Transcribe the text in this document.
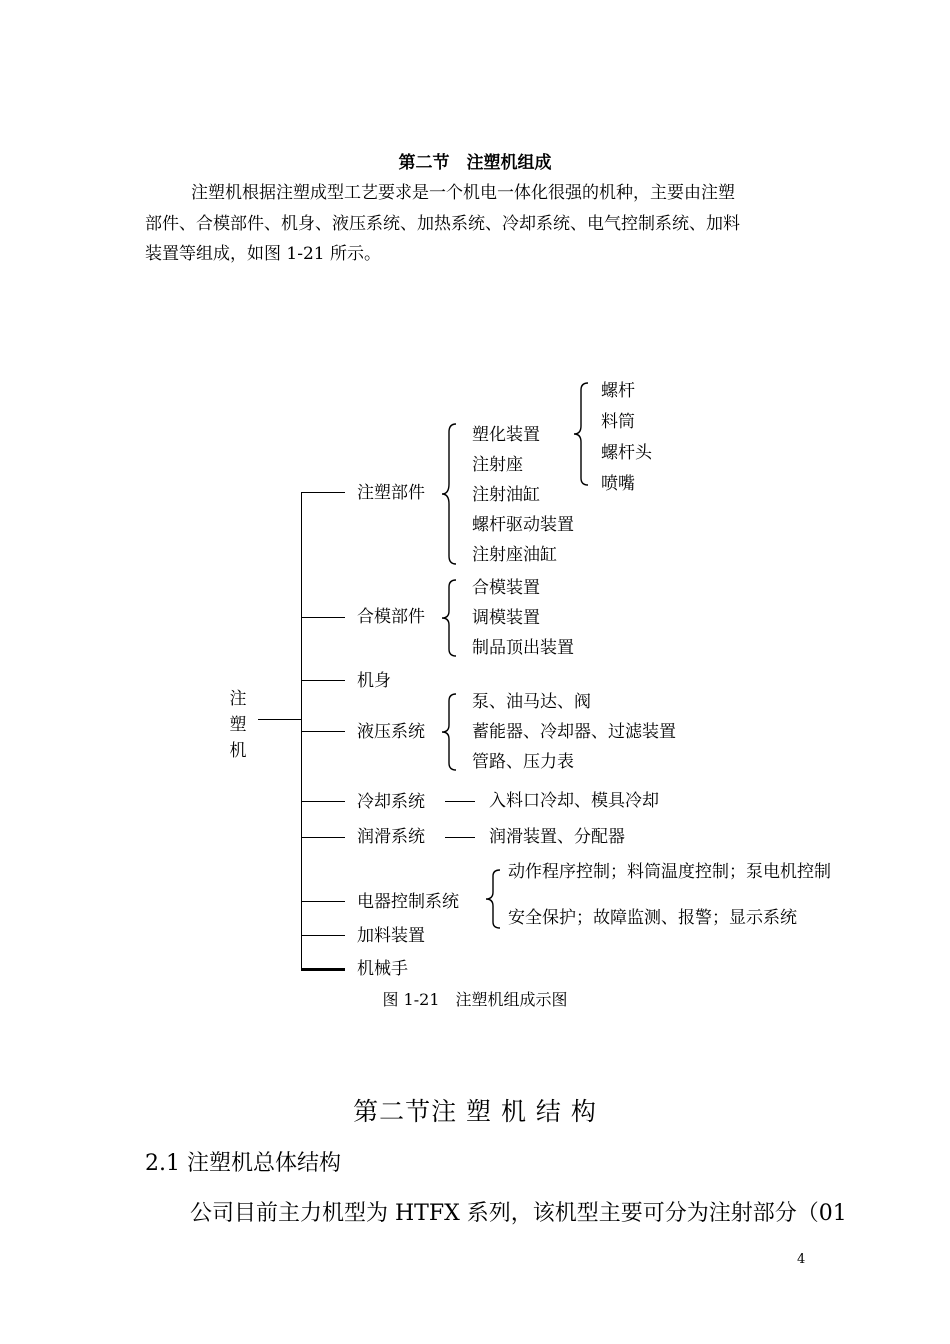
第二节　注塑机组成
注塑机根据注塑成型工艺要求是一个机电一体化很强的机种，主要由注塑
部件、合模部件、机身、液压系统、加热系统、冷却系统、电气控制系统、加料
装置等组成，如图 1-21 所示。
注
塑
机
注塑部件
合模部件
机身
液压系统
冷却系统
润滑系统
电器控制系统
加料装置
机械手
塑化装置
注射座
注射油缸
螺杆驱动装置
注射座油缸
螺杆
料筒
螺杆头
喷嘴
合模装置
调模装置
制品顶出装置
泵、油马达、阀
蓄能器、冷却器、过滤装置
管路、压力表
入料口冷却、模具冷却
润滑装置、分配器
动作程序控制；料筒温度控制；泵电机控制
安全保护；故障监测、报警；显示系统
图 1-21　注塑机组成示图
第二节注 塑 机 结 构
2.1 注塑机总体结构
公司目前主力机型为 HTFX 系列，该机型主要可分为注射部分（01
4
